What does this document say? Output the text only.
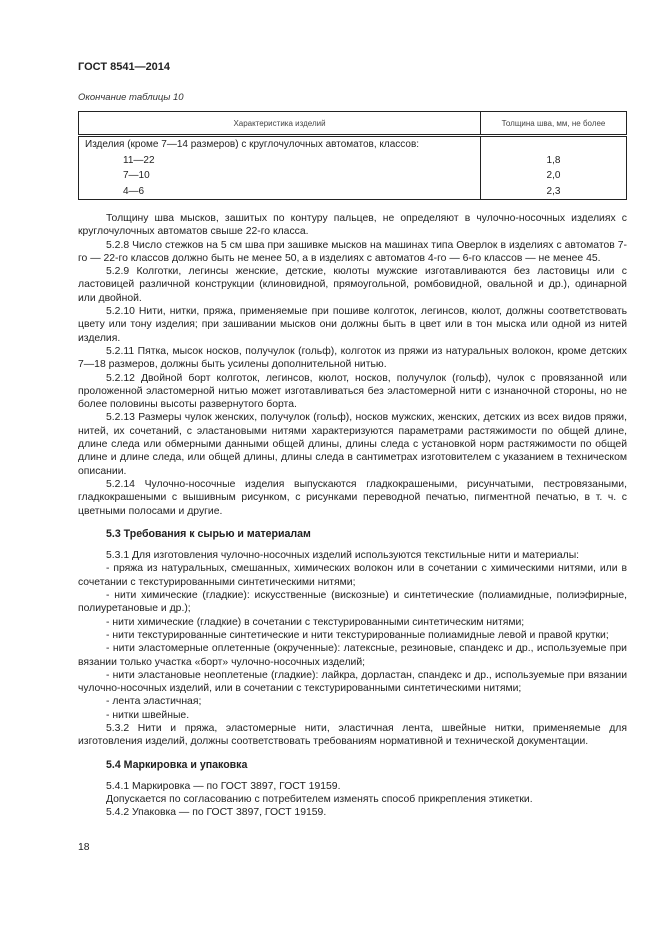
ГОСТ 8541—2014
Окончание таблицы 10
Характеристика изделий	Толщина шва, мм, не более
Изделия (кроме 7—14 размеров) с круглочулочных автоматов, классов:	
11—22	1,8
7—10	2,0
4—6	2,3

Толщину шва мысков, зашитых по контуру пальцев, не определяют в чулочно-носочных изделиях с круглочулочных автоматов свыше 22-го класса.

5.2.8 Число стежков на 5 см шва при зашивке мысков на машинах типа Оверлок в изделиях с автоматов 7-го — 22-го классов должно быть не менее 50, а в изделиях с автоматов 4-го — 6-го классов — не менее 45.

5.2.9 Колготки, легинсы женские, детские, кюлоты мужские изготавливаются без ластовицы или с ластовицей различной конструкции (клиновидной, прямоугольной, ромбовидной, овальной и др.), одинарной или двойной.

5.2.10 Нити, нитки, пряжа, применяемые при пошиве колготок, легинсов, кюлот, должны соответствовать цвету или тону изделия; при зашивании мысков они должны быть в цвет или в тон мыска или одной из нитей изделия.

5.2.11 Пятка, мысок носков, получулок (гольф), колготок из пряжи из натуральных волокон, кроме детских 7—18 размеров, должны быть усилены дополнительной нитью.

5.2.12 Двойной борт колготок, легинсов, кюлот, носков, получулок (гольф), чулок с провязанной или проложенной эластомерной нитью может изготавливаться без эластомерной нити с изнаночной стороны, но не более половины высоты развернутого борта.

5.2.13 Размеры чулок женских, получулок (гольф), носков мужских, женских, детских из всех видов пряжи, нитей, их сочетаний, с эластановыми нитями характеризуются параметрами растяжимости по общей длине, длине следа или обмерными данными общей длины, длины следа с установкой норм растяжимости по общей длине и длине следа, или общей длины, длины следа в сантиметрах изготовителем с указанием в техническом описании.

5.2.14 Чулочно-носочные изделия выпускаются гладкокрашеными, рисунчатыми, пестровязаными, гладкокрашеными с вышивным рисунком, с рисунками переводной печатью, пигментной печатью, в т. ч. с цветными полосами и другие.

5.3 Требования к сырью и материалам

5.3.1 Для изготовления чулочно-носочных изделий используются текстильные нити и материалы:

- пряжа из натуральных, смешанных, химических волокон или в сочетании с химическими нитями, или в сочетании с текстурированными синтетическими нитями;

- нити химические (гладкие): искусственные (вискозные) и синтетические (полиамидные, полиэфирные, полиуретановые и др.);

- нити химические (гладкие) в сочетании с текстурированными синтетическим нитями;

- нити текстурированные синтетические и нити текстурированные полиамидные левой и правой крутки;

- нити эластомерные оплетенные (окрученные): латексные, резиновые, спандекс и др., используемые при вязании только участка «борт» чулочно-носочных изделий;

- нити эластановые неоплетеные (гладкие): лайкра, дорластан, спандекс и др., используемые при вязании чулочно-носочных изделий, или в сочетании с текстурированными синтетическими нитями;

- лента эластичная;

- нитки швейные.

5.3.2 Нити и пряжа, эластомерные нити, эластичная лента, швейные нитки, применяемые для изготовления изделий, должны соответствовать требованиям нормативной и технической документации.

5.4 Маркировка и упаковка

5.4.1 Маркировка — по ГОСТ 3897, ГОСТ 19159.

Допускается по согласованию с потребителем изменять способ прикрепления этикетки.

5.4.2 Упаковка — по ГОСТ 3897, ГОСТ 19159.

18
